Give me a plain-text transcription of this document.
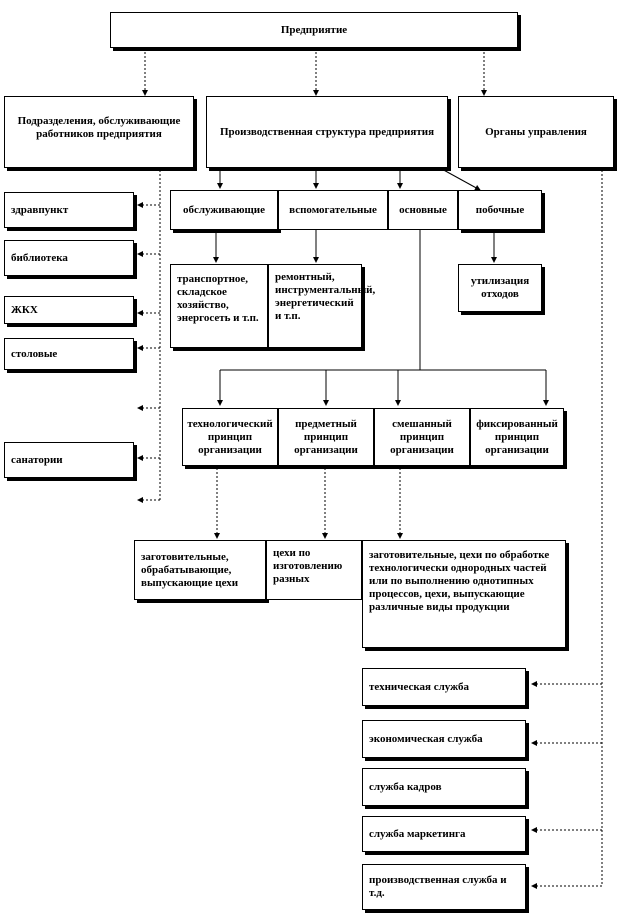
Предприятие
Подразделения, обслуживающие работников предприятия	Производственная структура предприятия	Органы управления
здравпункт
библиотека
ЖКХ
столовые
санатории
обслуживающие вспомогательные основные	побочные
транспортное, складское хозяйство, энергосеть и т.п.
ремонтный, инструментальный, энергетический и т.п.
утилизация отходов
технологический принцип организации
предметный принцип организации
смешанный принцип организации
фиксированный принцип организации
заготовительные, обрабатывающие, выпускающие цехи
цехи по изготовлению разных
заготовительные, цехи по обработке технологически однородных частей или по выполнению однотипных процессов, цехи, выпускающие различные виды продукции
техническая служба
экономическая служба
служба кадров
служба маркетинга
производственная служба и т.д.
